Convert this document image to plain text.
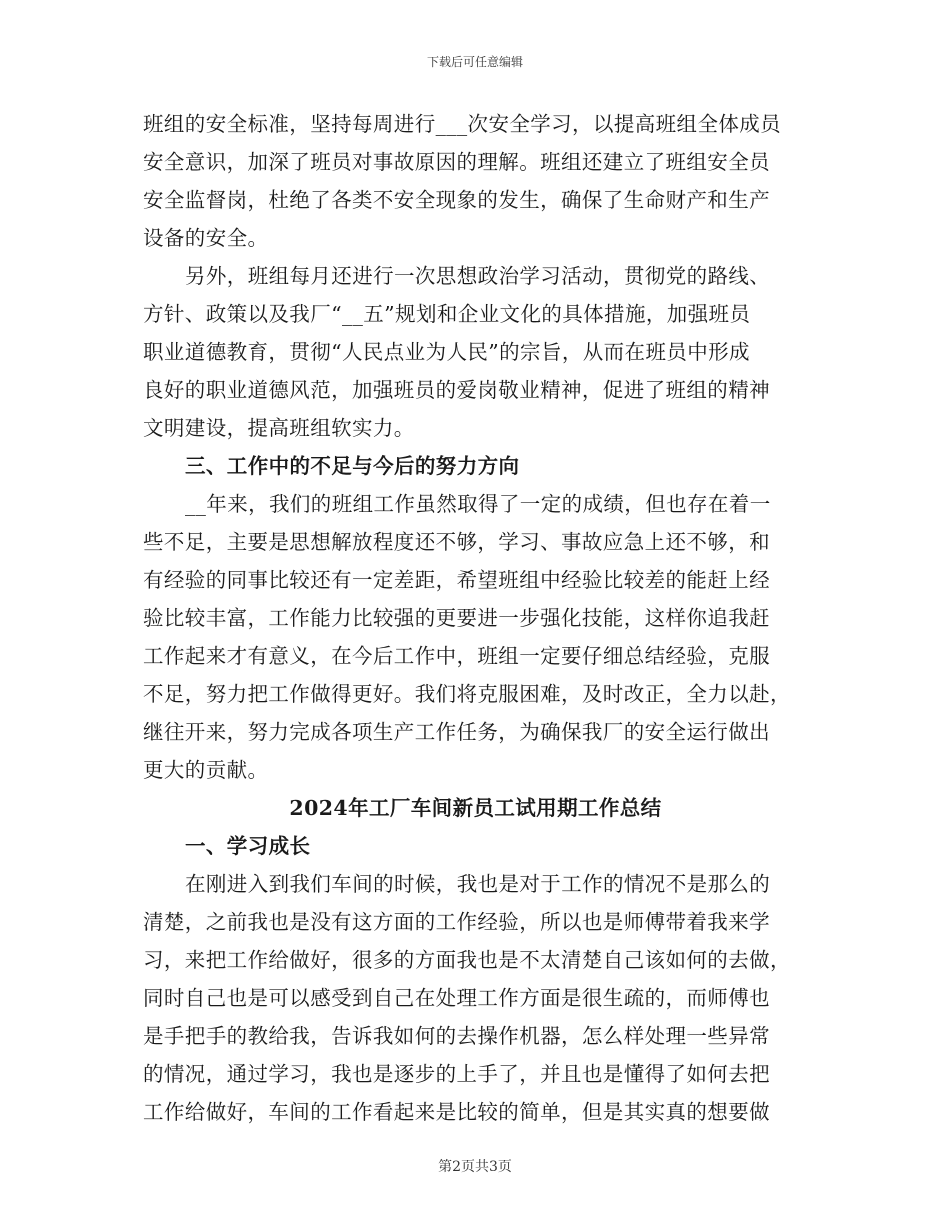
下载后可任意编辑
班组的安全标准，坚持每周进行___次安全学习，以提高班组全体成员
安全意识，加深了班员对事故原因的理解。班组还建立了班组安全员
安全监督岗，杜绝了各类不安全现象的发生，确保了生命财产和生产
设备的安全。
另外，班组每月还进行一次思想政治学习活动，贯彻党的路线、
方针、政策以及我厂“__五”规划和企业文化的具体措施，加强班员
职业道德教育，贯彻“人民点业为人民”的宗旨，从而在班员中形成
良好的职业道德风范，加强班员的爱岗敬业精神，促进了班组的精神
文明建设，提高班组软实力。
三、工作中的不足与今后的努力方向
__年来，我们的班组工作虽然取得了一定的成绩，但也存在着一
些不足，主要是思想解放程度还不够，学习、事故应急上还不够，和
有经验的同事比较还有一定差距，希望班组中经验比较差的能赶上经
验比较丰富，工作能力比较强的更要进一步强化技能，这样你追我赶
工作起来才有意义，在今后工作中，班组一定要仔细总结经验，克服
不足，努力把工作做得更好。我们将克服困难，及时改正，全力以赴，
继往开来，努力完成各项生产工作任务，为确保我厂的安全运行做出
更大的贡献。
2024年工厂车间新员工试用期工作总结
一、学习成长
在刚进入到我们车间的时候，我也是对于工作的情况不是那么的
清楚，之前我也是没有这方面的工作经验，所以也是师傅带着我来学
习，来把工作给做好，很多的方面我也是不太清楚自己该如何的去做，
同时自己也是可以感受到自己在处理工作方面是很生疏的，而师傅也
是手把手的教给我，告诉我如何的去操作机器，怎么样处理一些异常
的情况，通过学习，我也是逐步的上手了，并且也是懂得了如何去把
工作给做好，车间的工作看起来是比较的简单，但是其实真的想要做
第2页共3页
